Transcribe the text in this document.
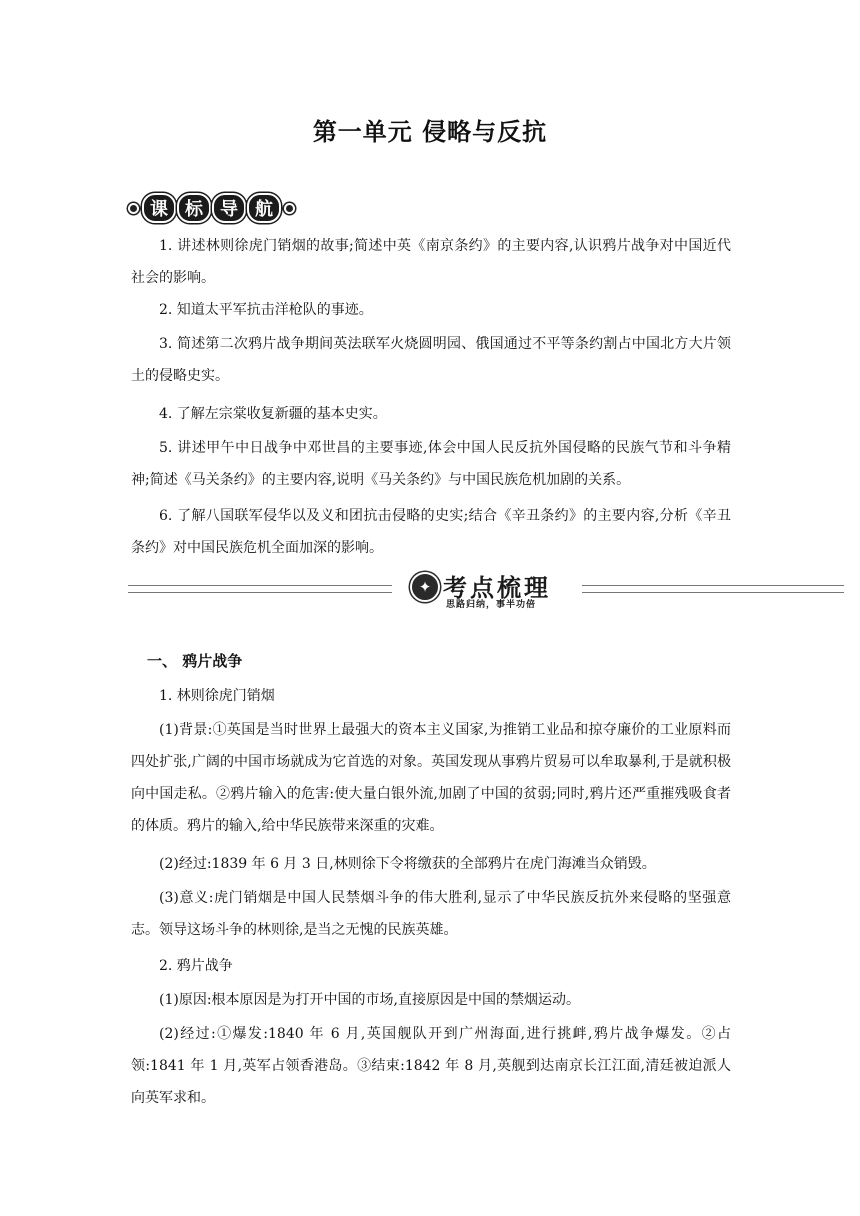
第一单元 侵略与反抗
课 标 导 航

1. 讲述林则徐虎门销烟的故事;简述中英《南京条约》的主要内容,认识鸦片战争对中国近代社会的影响。

2. 知道太平军抗击洋枪队的事迹。

3. 简述第二次鸦片战争期间英法联军火烧圆明园、俄国通过不平等条约割占中国北方大片领土的侵略史实。

4. 了解左宗棠收复新疆的基本史实。

5. 讲述甲午中日战争中邓世昌的主要事迹,体会中国人民反抗外国侵略的民族气节和斗争精神;简述《马关条约》的主要内容,说明《马关条约》与中国民族危机加剧的关系。

6. 了解八国联军侵华以及义和团抗击侵略的史实;结合《辛丑条约》的主要内容,分析《辛丑条约》对中国民族危机全面加深的影响。

✦ 考点梳理
思路归纳，事半功倍
一、 鸦片战争

1. 林则徐虎门销烟

(1)背景:①英国是当时世界上最强大的资本主义国家,为推销工业品和掠夺廉价的工业原料而四处扩张,广阔的中国市场就成为它首选的对象。英国发现从事鸦片贸易可以牟取暴利,于是就积极向中国走私。②鸦片输入的危害:使大量白银外流,加剧了中国的贫弱;同时,鸦片还严重摧残吸食者的体质。鸦片的输入,给中华民族带来深重的灾难。

(2)经过:1839 年 6 月 3 日,林则徐下令将缴获的全部鸦片在虎门海滩当众销毁。

(3)意义:虎门销烟是中国人民禁烟斗争的伟大胜利,显示了中华民族反抗外来侵略的坚强意志。领导这场斗争的林则徐,是当之无愧的民族英雄。

2. 鸦片战争

(1)原因:根本原因是为打开中国的市场,直接原因是中国的禁烟运动。

(2)经过:①爆发:1840 年 6 月,英国舰队开到广州海面,进行挑衅,鸦片战争爆发。②占领:1841 年 1 月,英军占领香港岛。③结束:1842 年 8 月,英舰到达南京长江江面,清廷被迫派人向英军求和。
